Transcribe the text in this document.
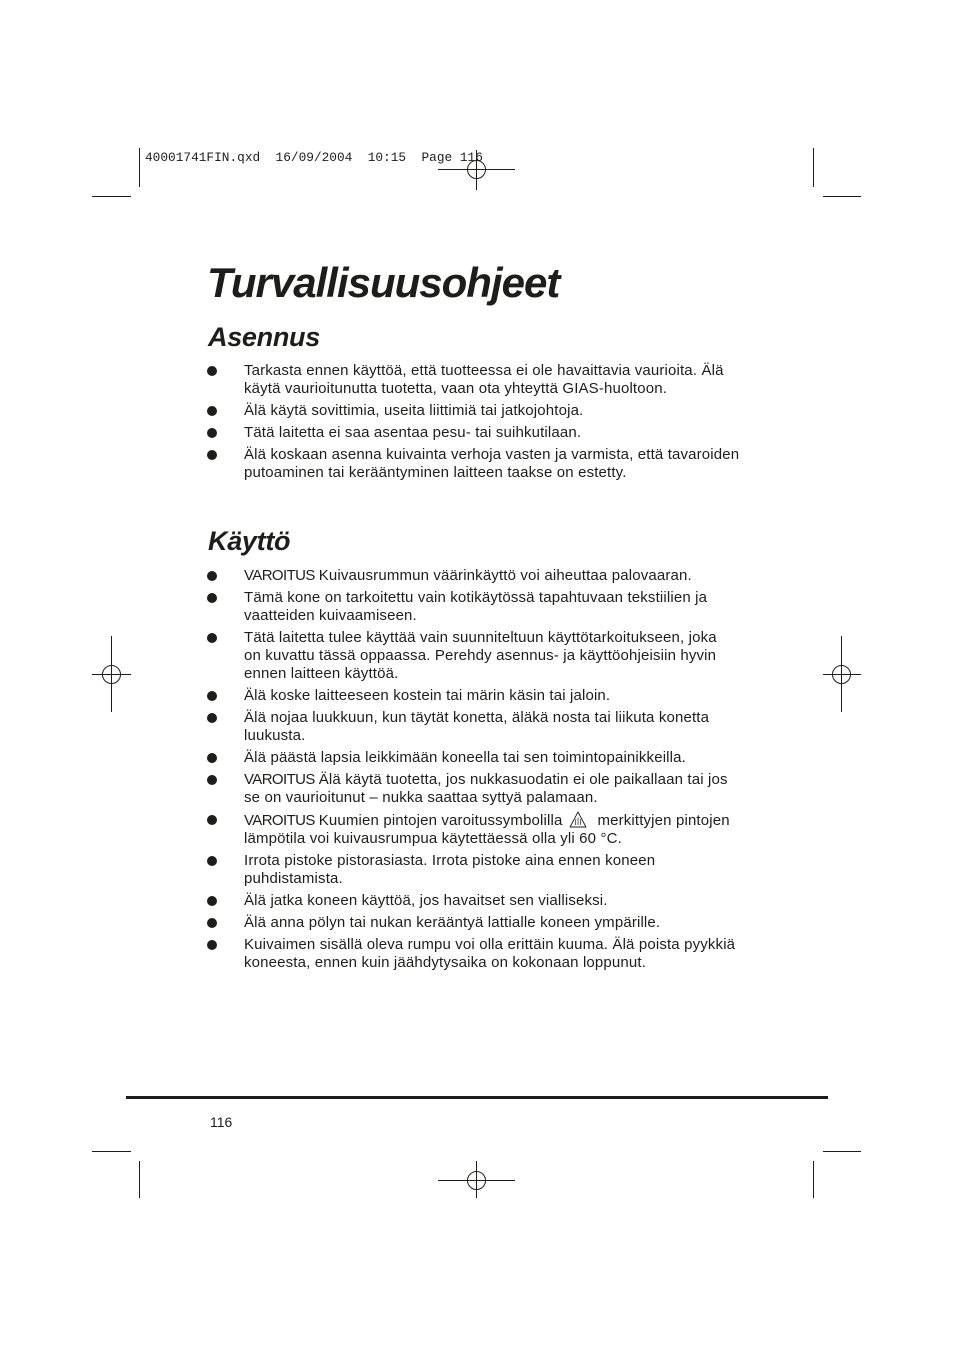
40001741FIN.qxd  16/09/2004  10:15  Page 116
Turvallisuusohjeet
Asennus
Tarkasta ennen käyttöä, että tuotteessa ei ole havaittavia vaurioita. Älä
käytä vaurioitunutta tuotetta, vaan ota yhteyttä GIAS-huoltoon.
Älä käytä sovittimia, useita liittimiä tai jatkojohtoja.
Tätä laitetta ei saa asentaa pesu- tai suihkutilaan.
Älä koskaan asenna kuivainta verhoja vasten ja varmista, että tavaroiden
putoaminen tai kerääntyminen laitteen taakse on estetty.
Käyttö
VAROITUS Kuivausrummun väärinkäyttö voi aiheuttaa palovaaran.
Tämä kone on tarkoitettu vain kotikäytössä tapahtuvaan tekstiilien ja
vaatteiden kuivaamiseen.
Tätä laitetta tulee käyttää vain suunniteltuun käyttötarkoitukseen, joka
on kuvattu tässä oppaassa. Perehdy asennus- ja käyttöohjeisiin hyvin
ennen laitteen käyttöä.
Älä koske laitteeseen kostein tai märin käsin tai jaloin.
Älä nojaa luukkuun, kun täytät konetta, äläkä nosta tai liikuta konetta
luukusta.
Älä päästä lapsia leikkimään koneella tai sen toimintopainikkeilla.
VAROITUS Älä käytä tuotetta, jos nukkasuodatin ei ole paikallaan tai jos
se on vaurioitunut – nukka saattaa syttyä palamaan.
VAROITUS Kuumien pintojen varoitussymbolilla merkittyjen pintojen
lämpötila voi kuivausrumpua käytettäessä olla yli 60 °C.
Irrota pistoke pistorasiasta. Irrota pistoke aina ennen koneen
puhdistamista.
Älä jatka koneen käyttöä, jos havaitset sen vialliseksi.
Älä anna pölyn tai nukan kerääntyä lattialle koneen ympärille.
Kuivaimen sisällä oleva rumpu voi olla erittäin kuuma. Älä poista pyykkiä
koneesta, ennen kuin jäähdytysaika on kokonaan loppunut.
116
